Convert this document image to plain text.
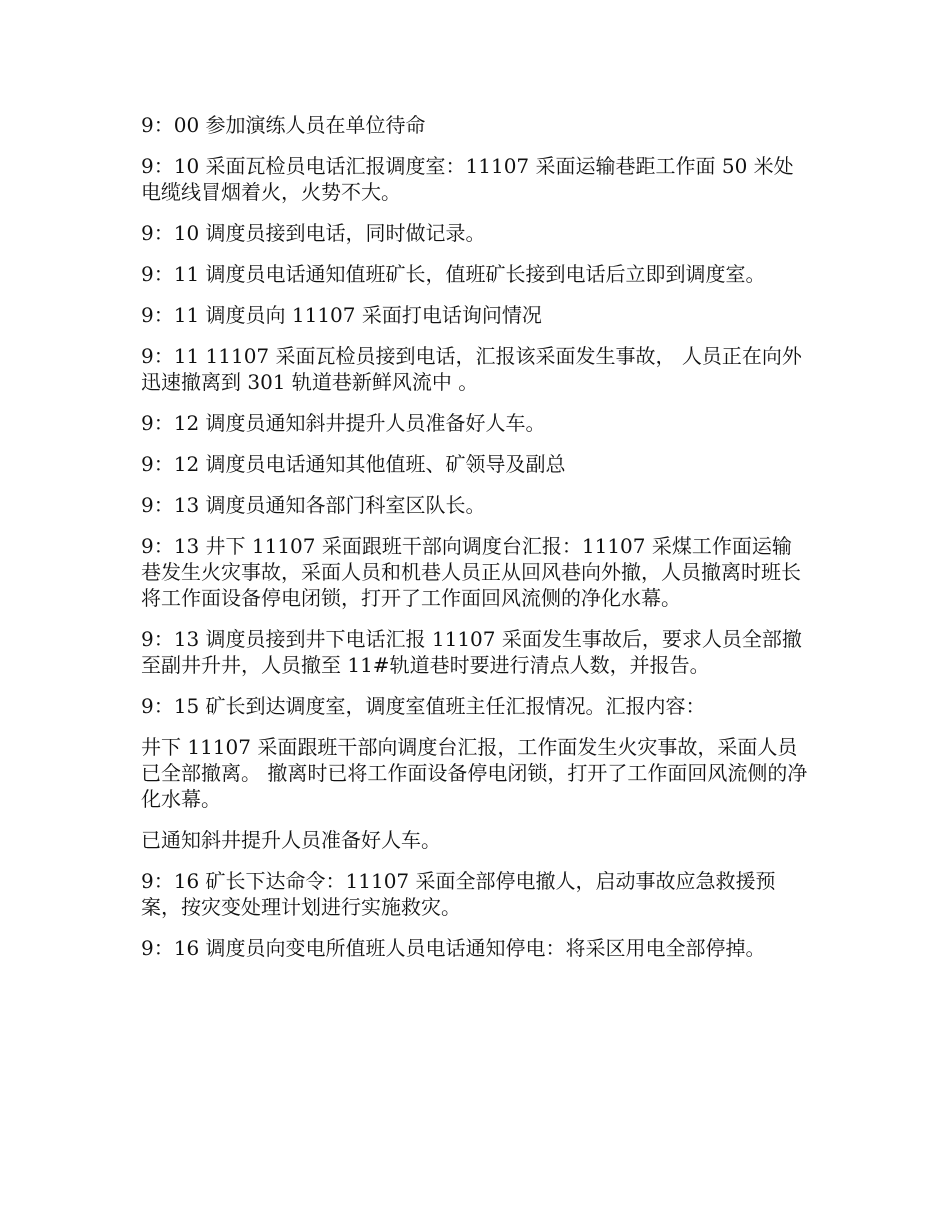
9：00 参加演练人员在单位待命

9：10 采面瓦检员电话汇报调度室：11107 采面运输巷距工作面 50 米处电缆线冒烟着火，火势不大。

9：10 调度员接到电话，同时做记录。

9：11 调度员电话通知值班矿长，值班矿长接到电话后立即到调度室。

9：11 调度员向 11107 采面打电话询问情况

9：11 11107 采面瓦检员接到电话，汇报该采面发生事故， 人员正在向外 迅速撤离到 301 轨道巷新鲜风流中 。

9：12 调度员通知斜井提升人员准备好人车。

9：12 调度员电话通知其他值班、矿领导及副总

9：13 调度员通知各部门科室区队长。

9：13 井下 11107 采面跟班干部向调度台汇报：11107 采煤工作面运输巷发生火灾事故，采面人员和机巷人员正从回风巷向外撤，人员撤离时班长将工作面设备停电闭锁，打开了工作面回风流侧的净化水幕。

9：13 调度员接到井下电话汇报 11107 采面发生事故后，要求人员全部撤至副井升井，人员撤至 11#轨道巷时要进行清点人数，并报告。

9：15 矿长到达调度室，调度室值班主任汇报情况。汇报内容：

井下 11107 采面跟班干部向调度台汇报，工作面发生火灾事故，采面人员已全部撤离。 撤离时已将工作面设备停电闭锁，打开了工作面回风流侧的净化水幕。

已通知斜井提升人员准备好人车。

9：16 矿长下达命令：11107 采面全部停电撤人，启动事故应急救援预案，按灾变处理计划进行实施救灾。

9：16 调度员向变电所值班人员电话通知停电：将采区用电全部停掉。
